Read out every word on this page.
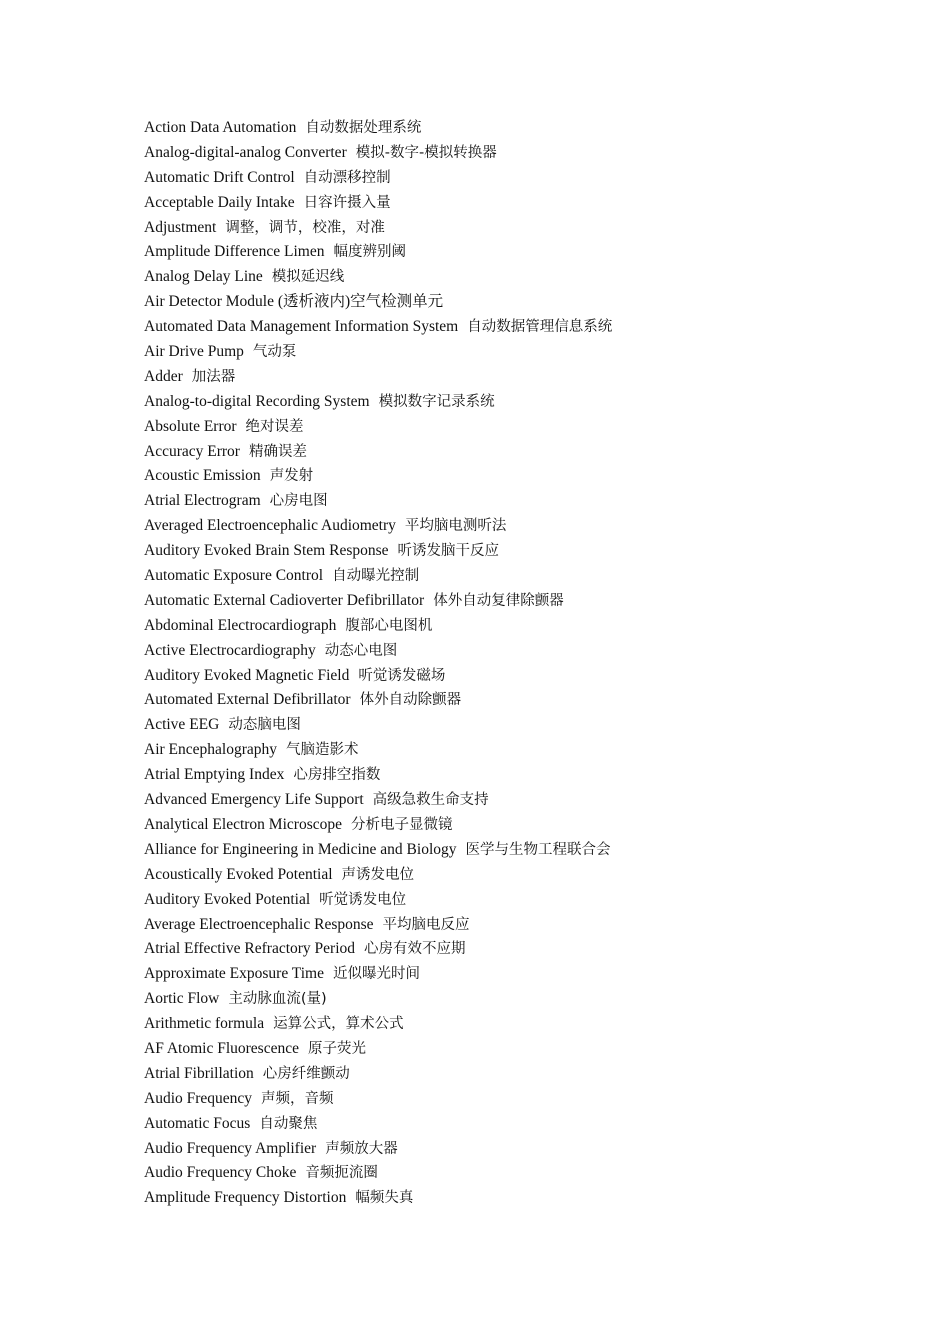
Action Data Automation 自动数据处理系统
Analog-digital-analog Converter 模拟-数字-模拟转换器
Automatic Drift Control 自动漂移控制
Acceptable Daily Intake 日容许摄入量
Adjustment 调整，调节，校准，对准
Amplitude Difference Limen 幅度辨别阈
Analog Delay Line 模拟延迟线
Air Detector Module (透析液内)空气检测单元
Automated Data Management Information System 自动数据管理信息系统
Air Drive Pump 气动泵
Adder 加法器
Analog-to-digital Recording System 模拟数字记录系统
Absolute Error 绝对误差
Accuracy Error 精确误差
Acoustic Emission 声发射
Atrial Electrogram 心房电图
Averaged Electroencephalic Audiometry 平均脑电测听法
Auditory Evoked Brain Stem Response 听诱发脑干反应
Automatic Exposure Control 自动曝光控制
Automatic External Cadioverter Defibrillator 体外自动复律除颤器
Abdominal Electrocardiograph 腹部心电图机
Active Electrocardiography 动态心电图
Auditory Evoked Magnetic Field 听觉诱发磁场
Automated External Defibrillator 体外自动除颤器
Active EEG 动态脑电图
Air Encephalography 气脑造影术
Atrial Emptying Index 心房排空指数
Advanced Emergency Life Support 高级急救生命支持
Analytical Electron Microscope 分析电子显微镜
Alliance for Engineering in Medicine and Biology 医学与生物工程联合会
Acoustically Evoked Potential 声诱发电位
Auditory Evoked Potential 听觉诱发电位
Average Electroencephalic Response 平均脑电反应
Atrial Effective Refractory Period 心房有效不应期
Approximate Exposure Time 近似曝光时间
Aortic Flow 主动脉血流(量)
Arithmetic formula 运算公式，算术公式
AF Atomic Fluorescence 原子荧光
Atrial Fibrillation 心房纤维颤动
Audio Frequency 声频，音频
Automatic Focus 自动聚焦
Audio Frequency Amplifier 声频放大器
Audio Frequency Choke 音频扼流圈
Amplitude Frequency Distortion 幅频失真
